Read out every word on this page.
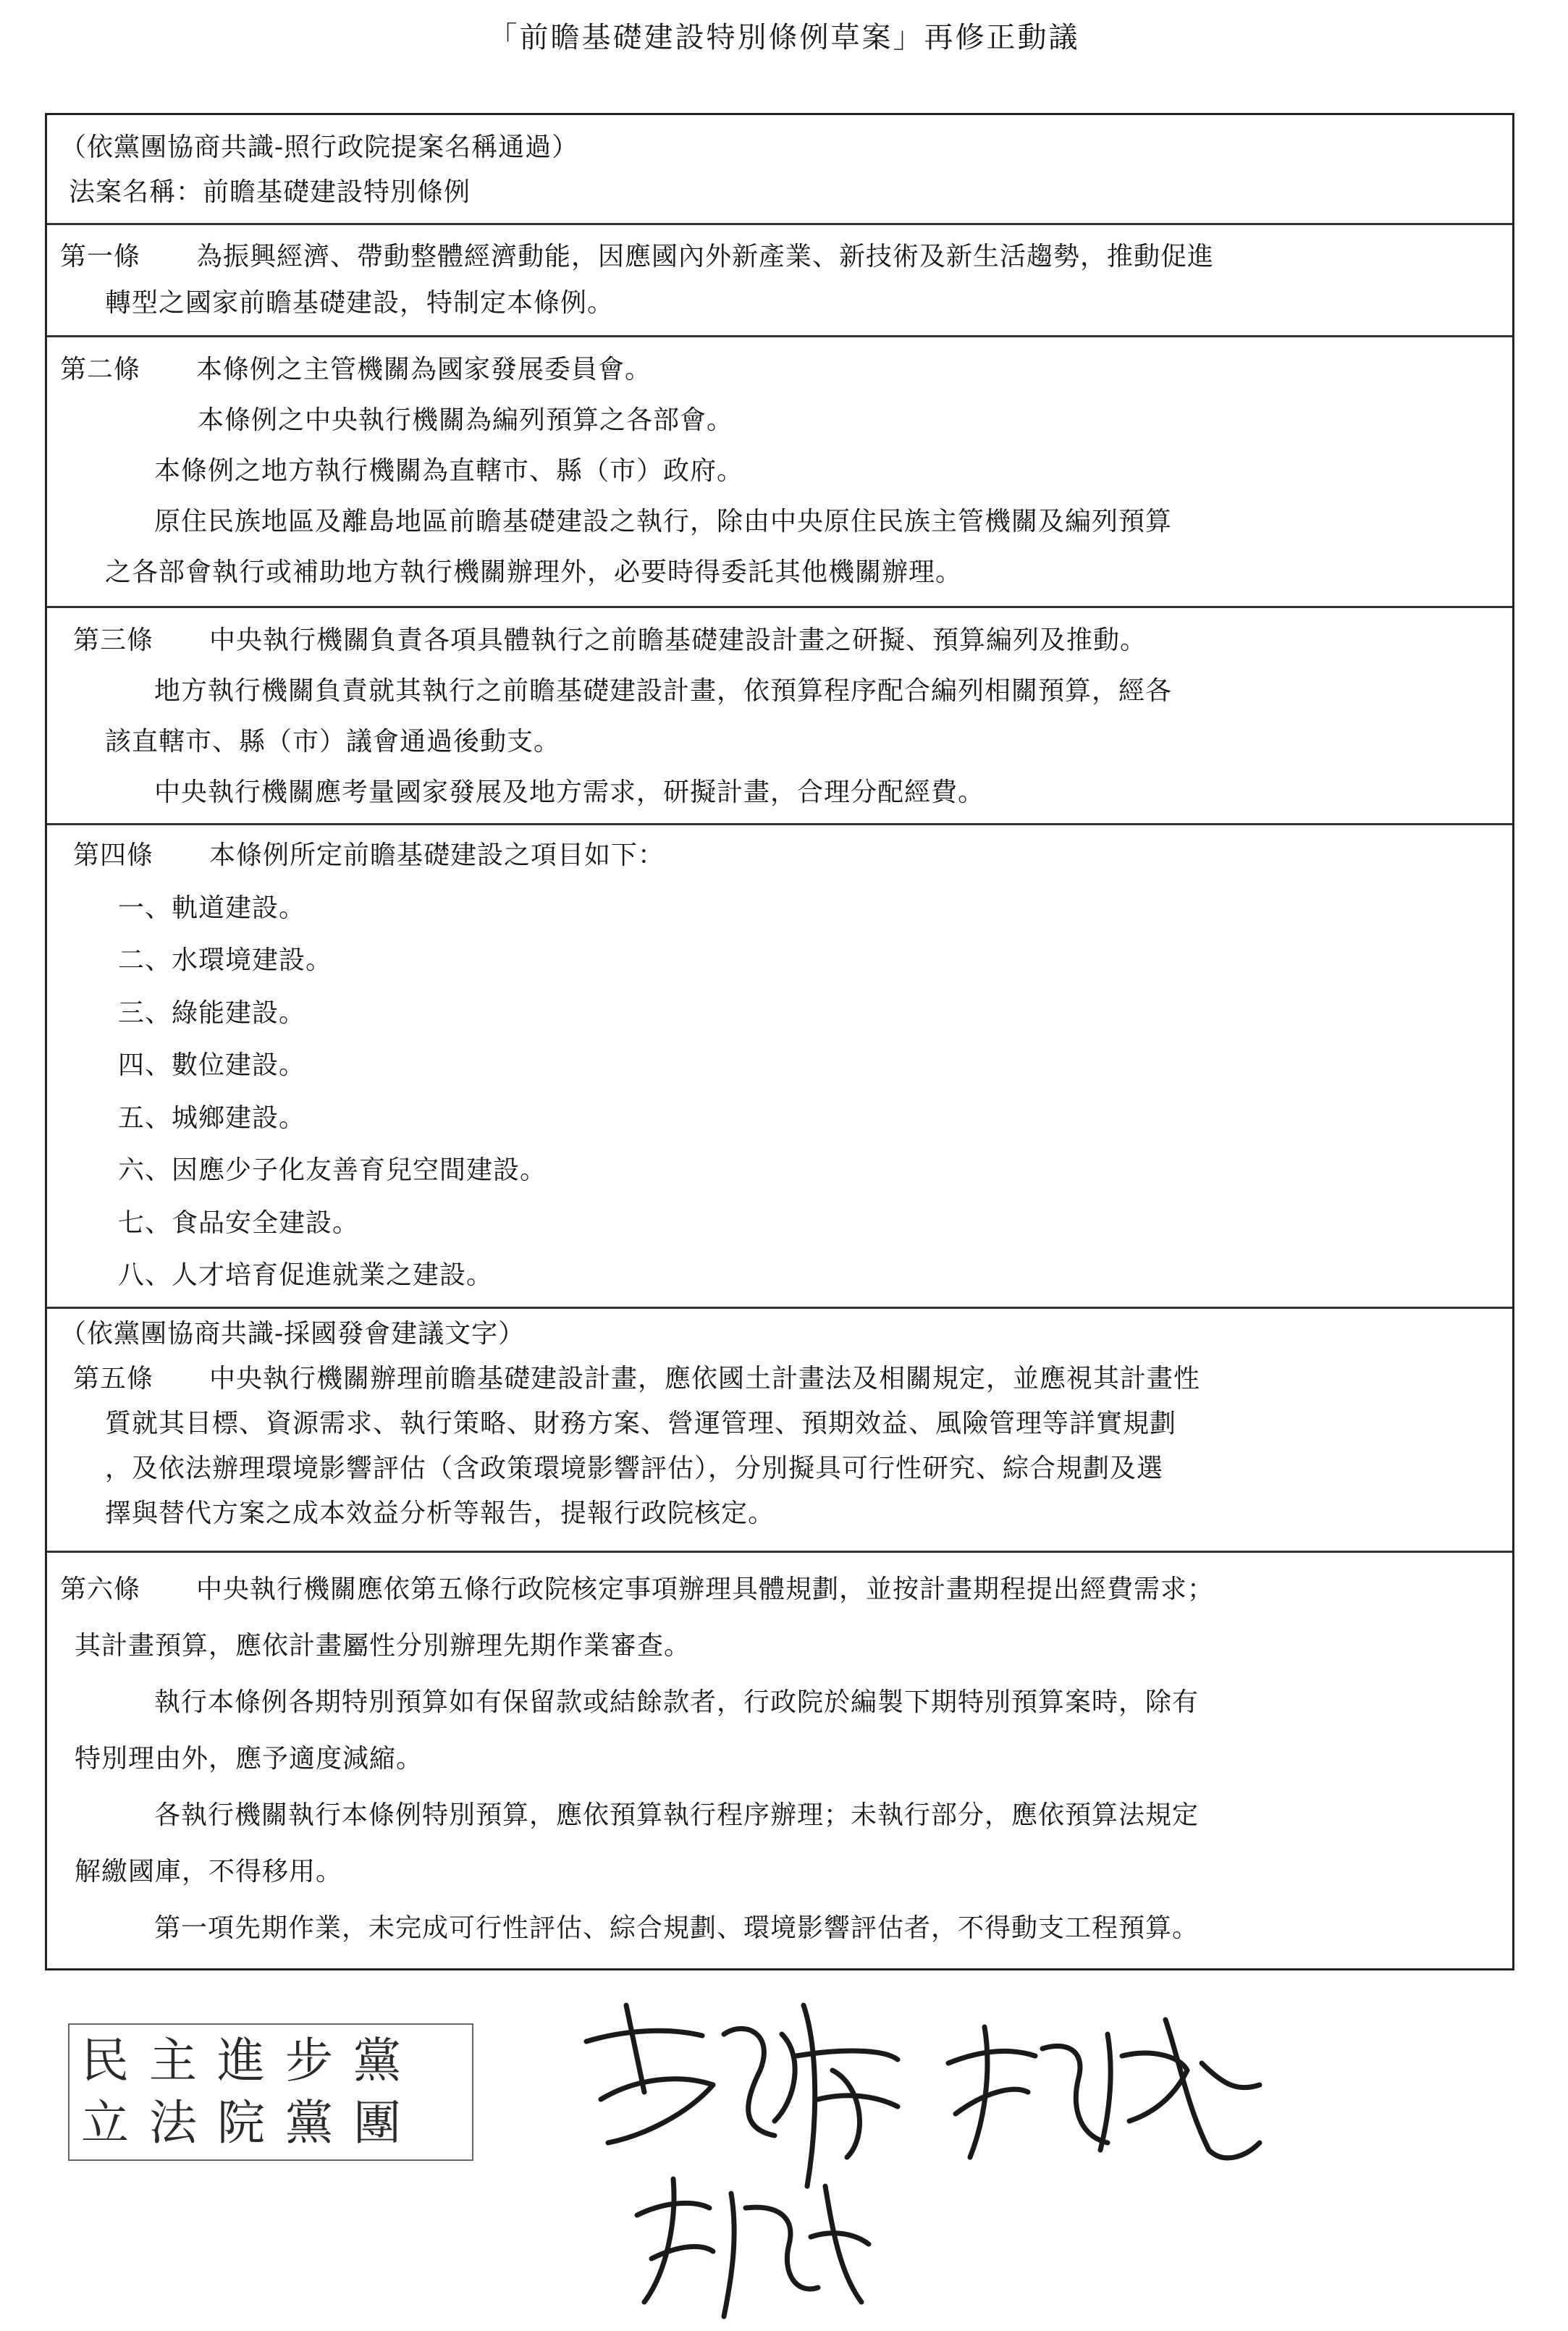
「前瞻基礎建設特別條例草案」再修正動議
（依黨團協商共識-照行政院提案名稱通過）
法案名稱：前瞻基礎建設特別條例
第一條 為振興經濟、帶動整體經濟動能，因應國內外新產業、新技術及新生活趨勢，推動促進
轉型之國家前瞻基礎建設，特制定本條例。
第二條 本條例之主管機關為國家發展委員會。
本條例之中央執行機關為編列預算之各部會。
本條例之地方執行機關為直轄市、縣（市）政府。
原住民族地區及離島地區前瞻基礎建設之執行，除由中央原住民族主管機關及編列預算
之各部會執行或補助地方執行機關辦理外，必要時得委託其他機關辦理。
第三條 中央執行機關負責各項具體執行之前瞻基礎建設計畫之研擬、預算編列及推動。
地方執行機關負責就其執行之前瞻基礎建設計畫，依預算程序配合編列相關預算，經各
該直轄市、縣（市）議會通過後動支。
中央執行機關應考量國家發展及地方需求，研擬計畫，合理分配經費。
第四條 本條例所定前瞻基礎建設之項目如下：
一、軌道建設。
二、水環境建設。
三、綠能建設。
四、數位建設。
五、城鄉建設。
六、因應少子化友善育兒空間建設。
七、食品安全建設。
八、人才培育促進就業之建設。
（依黨團協商共識-採國發會建議文字）
第五條 中央執行機關辦理前瞻基礎建設計畫，應依國土計畫法及相關規定，並應視其計畫性
質就其目標、資源需求、執行策略、財務方案、營運管理、預期效益、風險管理等詳實規劃
，及依法辦理環境影響評估（含政策環境影響評估），分別擬具可行性研究、綜合規劃及選
擇與替代方案之成本效益分析等報告，提報行政院核定。
第六條 中央執行機關應依第五條行政院核定事項辦理具體規劃，並按計畫期程提出經費需求；
其計畫預算，應依計畫屬性分別辦理先期作業審查。
執行本條例各期特別預算如有保留款或結餘款者，行政院於編製下期特別預算案時，除有
特別理由外，應予適度減縮。
各執行機關執行本條例特別預算，應依預算執行程序辦理；未執行部分，應依預算法規定
解繳國庫，不得移用。
第一項先期作業，未完成可行性評估、綜合規劃、環境影響評估者，不得動支工程預算。
民主進步黨
立法院黨團
